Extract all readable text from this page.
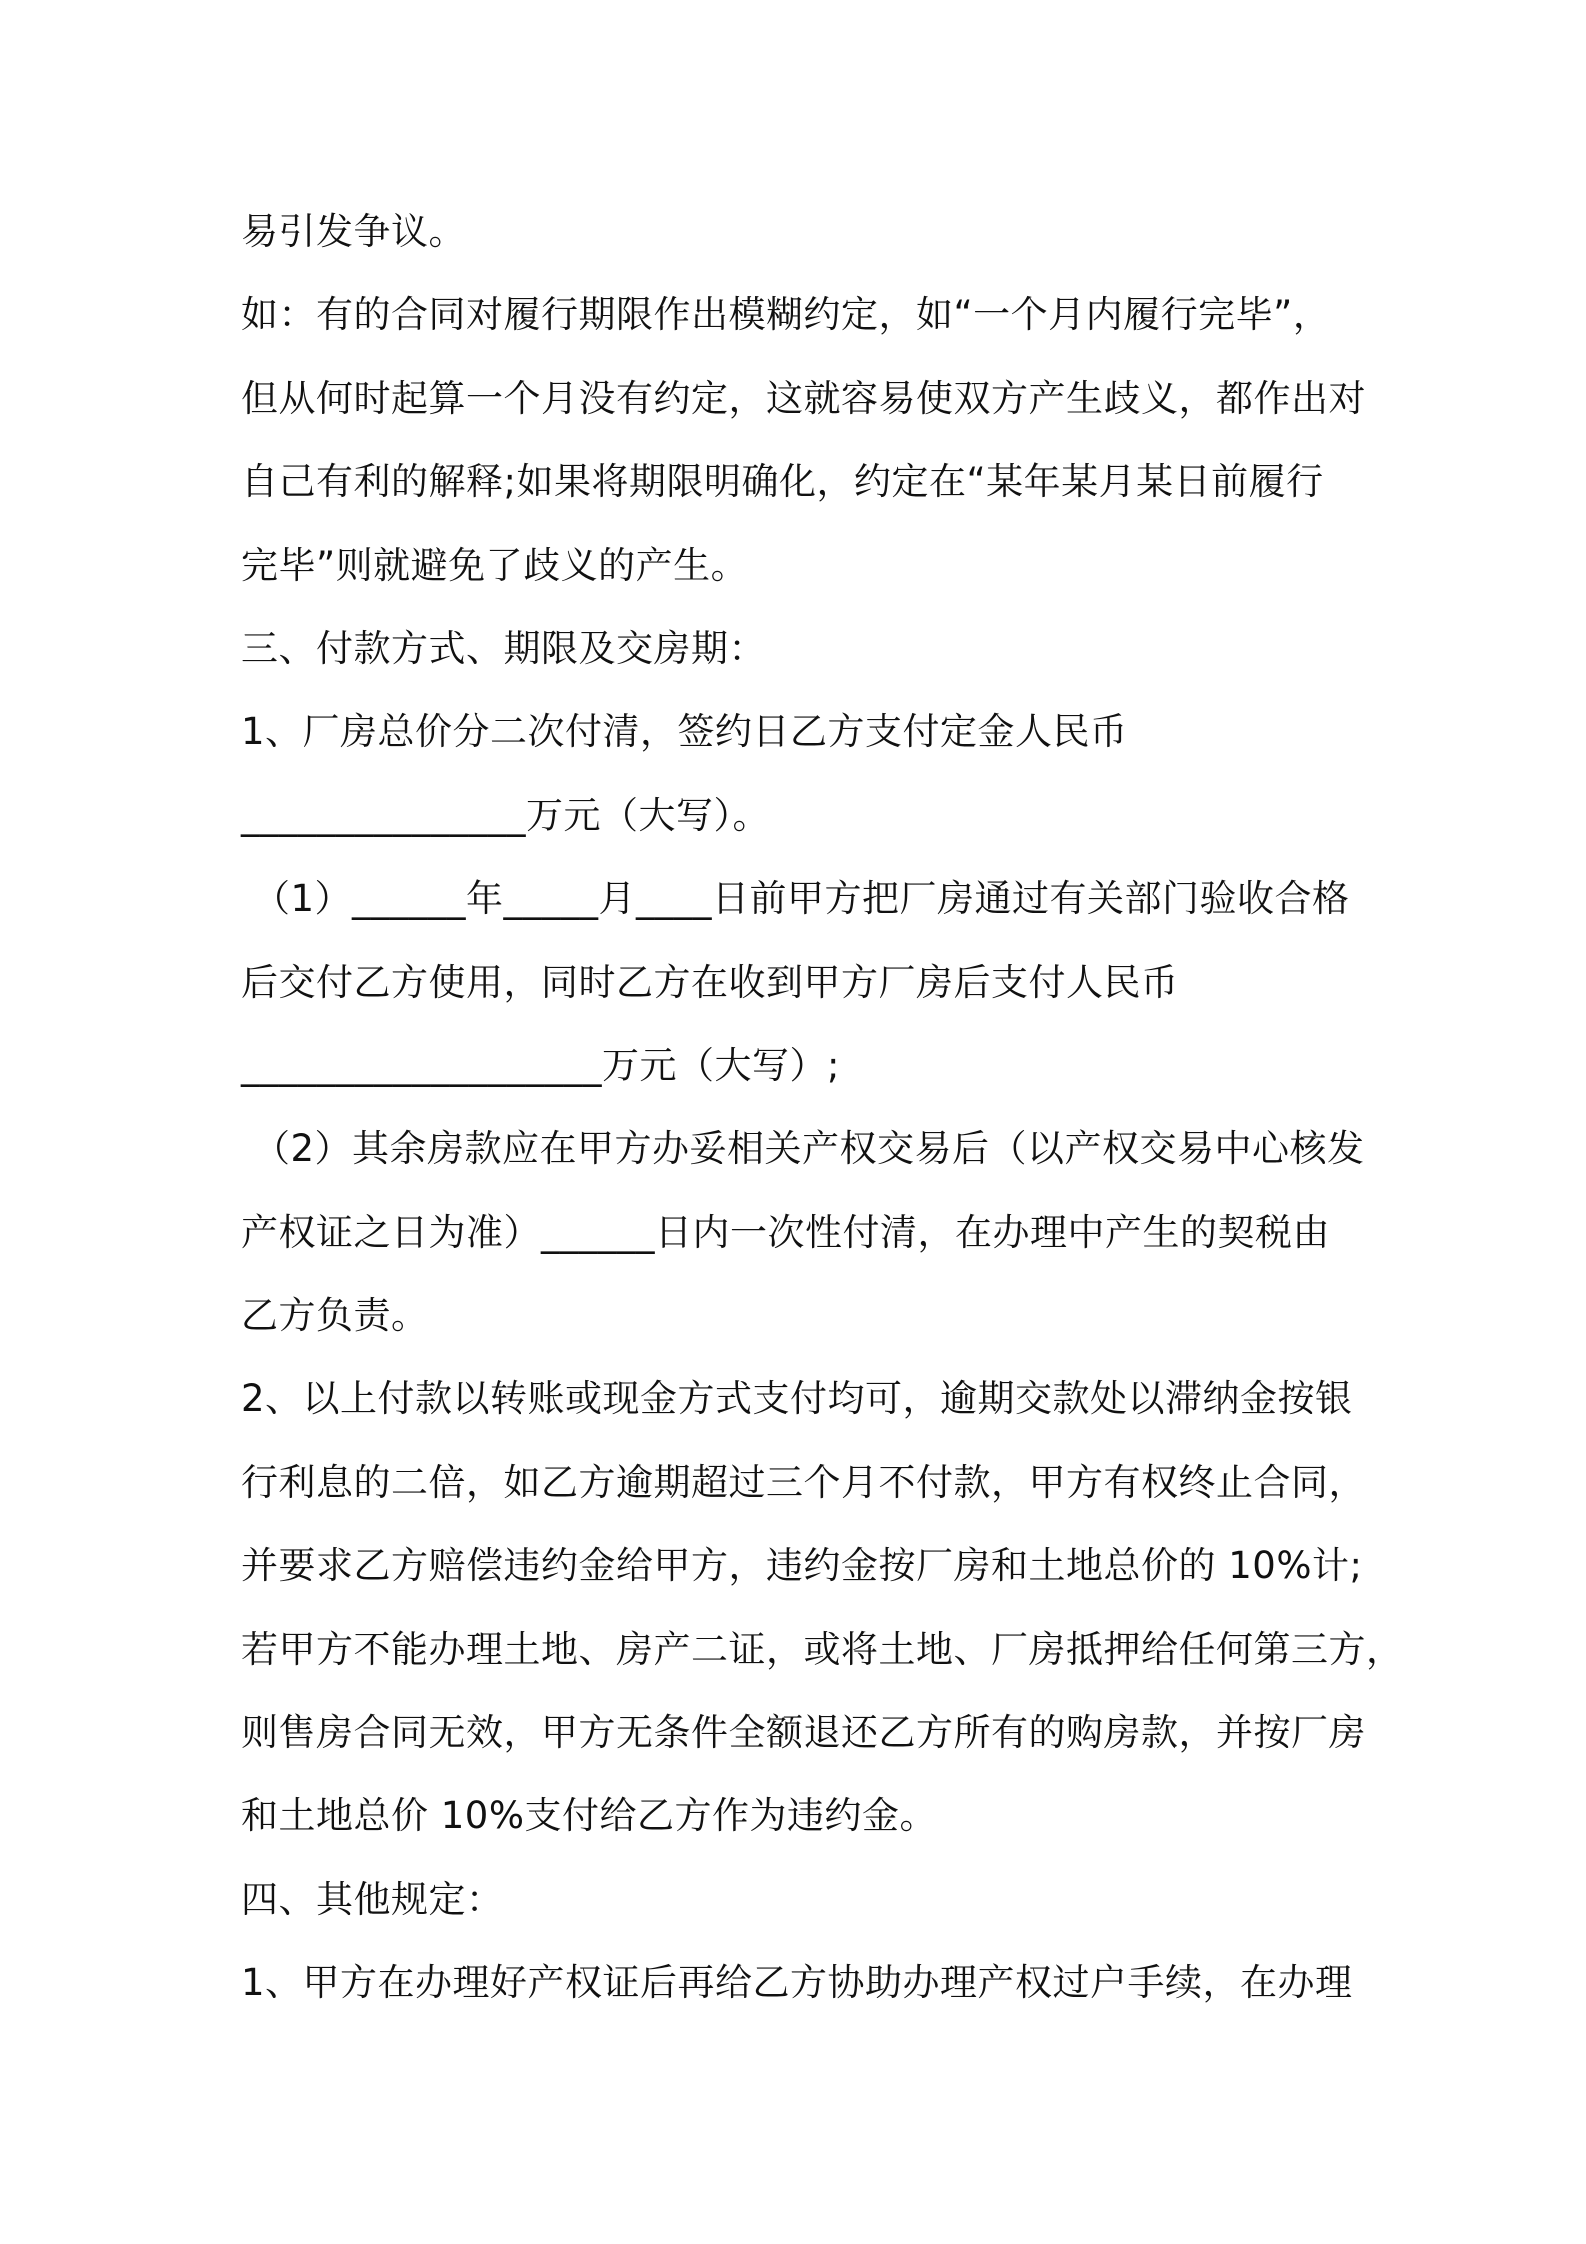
易引发争议。
如：有的合同对履行期限作出模糊约定，如“一个月内履行完毕”，
但从何时起算一个月没有约定，这就容易使双方产生歧义，都作出对
自己有利的解释;如果将期限明确化，约定在“某年某月某日前履行
完毕”则就避免了歧义的产生。
三、付款方式、期限及交房期：
1、厂房总价分二次付清，签约日乙方支付定金人民币
_______________万元（大写）。
（1）______年_____月____日前甲方把厂房通过有关部门验收合格
后交付乙方使用，同时乙方在收到甲方厂房后支付人民币
___________________万元（大写）;
（2）其余房款应在甲方办妥相关产权交易后（以产权交易中心核发
产权证之日为准）______日内一次性付清，在办理中产生的契税由
乙方负责。
2、以上付款以转账或现金方式支付均可，逾期交款处以滞纳金按银
行利息的二倍，如乙方逾期超过三个月不付款，甲方有权终止合同，
并要求乙方赔偿违约金给甲方，违约金按厂房和土地总价的 10%计;
若甲方不能办理土地、房产二证，或将土地、厂房抵押给任何第三方，
则售房合同无效，甲方无条件全额退还乙方所有的购房款，并按厂房
和土地总价 10%支付给乙方作为违约金。
四、其他规定：
1、甲方在办理好产权证后再给乙方协助办理产权过户手续，在办理
